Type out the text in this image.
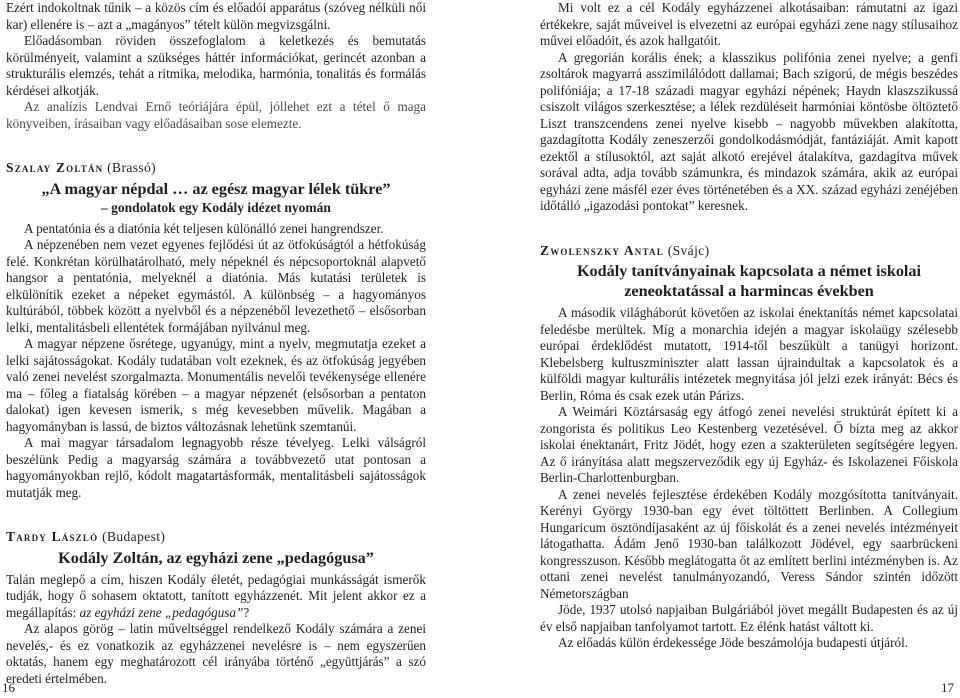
Ezért indokoltnak tűnik – a közös cím és előadói apparátus (szóveg nélküli női kar) ellenére is – azt a „magányos” tételt külön megvizsgálni.

Előadásomban röviden összefoglalom a keletkezés és bemutatás körülményeit, valamint a szükséges háttér információkat, gerincét azonban a strukturális elemzés, tehát a ritmika, melodika, harmónia, tonalitás és formálás kérdései alkotják.

Az analízis Lendvai Ernő teóriájára épül, jóllehet ezt a tétel ő maga könyveiben, írásaiban vagy előadásaiban sose elemezte.

Szalay Zoltán (Brassó)
„A magyar népdal … az egész magyar lélek tükre”
– gondolatok egy Kodály idézet nyomán

A pentatónia és a diatónia két teljesen különálló zenei hangrendszer.

A népzenében nem vezet egyenes fejlődési út az ötfokúságtól a hétfokúság felé. Konkrétan körülhatárolható, mely népeknél és népcsoportoknál alapvető hangsor a pentatónia, melyeknél a diatónia. Más kutatási területek is elkülönítik ezeket a népeket egymástól. A különbség – a hagyományos kultúrából, többek között a nyelvből és a népzenéből levezethető – elsősorban lelki, mentalitásbeli ellentétek formájában nyilvánul meg.

A magyar népzene ősrétege, ugyanúgy, mint a nyelv, megmutatja ezeket a lelki sajátosságokat. Kodály tudatában volt ezeknek, és az ötfokúság jegyében való zenei nevelést szorgalmazta. Monumentális nevelői tevékenysége ellenére ma – főleg a fiatalság körében – a magyar népzenét (elsősorban a pentaton dalokat) igen kevesen ismerik, s még kevesebben művelik. Magában a hagyományban is lassú, de biztos változásnak lehetünk szemtanúi.

A mai magyar társadalom legnagyobb része tévelyeg. Lelki válságról beszélünk Pedig a magyarság számára a továbbvezető utat pontosan a hagyományokban rejlő, kódolt magatartásformák, mentalitásbeli sajátosságok mutatják meg.

Tardy László (Budapest)
Kodály Zoltán, az egyházi zene „pedagógusa”

Talán meglepő a cím, hiszen Kodály életét, pedagógiai munkásságát ismerők tudják, hogy ő sohasem oktatott, tanított egyházzenét. Mit jelent akkor ez a megállapítás: az egyházi zene „pedagógusa”?

Az alapos görög – latin műveltséggel rendelkező Kodály számára a zenei nevelés,- és ez vonatkozik az egyházzenei nevelésre is – nem egyszerűen oktatás, hanem egy meghatározott cél irányába történő „együttjárás” a szó eredeti értelmében.

Mi volt ez a cél Kodály egyházzenei alkotásaiban: rámutatni az igazi értékekre, saját műveivel is elvezetni az európai egyházi zene nagy stílusaihoz művei előadóit, és azok hallgatóit.

A gregorián korális ének; a klasszikus polifónia zenei nyelve; a genfi zsoltárok magyarrá asszimilálódott dallamai; Bach szigorú, de mégis beszédes polifóniája; a 17-18 századi magyar egyházi népének; Haydn klaszszikussá csiszolt világos szerkesztése; a lélek rezdüléseit harmóniai köntösbe öltöztető Liszt transzcendens zenei nyelve kisebb – nagyobb művekben alakította, gazdagította Kodály zeneszerzői gondolkodásmódját, fantáziáját. Amit kapott ezektől a stílusoktól, azt saját alkotó erejével átalakítva, gazdagítva művek sorával adta, adja tovább számunkra, és mindazok számára, akik az európai egyházi zene másfél ezer éves történetében és a XX. század egyházi zenéjében időtálló „igazodási pontokat” keresnek.

Zwolenszky Antal (Svájc)
Kodály tanítványainak kapcsolata a német iskolai zeneoktatással a harmincas években

A második világháborút követően az iskolai énektanítás német kapcsolatai feledésbe merültek. Míg a monarchia idején a magyar iskolaügy szélesebb európai érdeklődést mutatott, 1914-től beszűkült a tanügyi horizont. Klebelsberg kultuszminiszter alatt lassan újraindultak a kapcsolatok és a külföldi magyar kulturális intézetek megnyitása jól jelzi ezek irányát: Bécs és Berlin, Róma és csak ezek után Párizs.

A Weimári Köztársaság egy átfogó zenei nevelési struktúrát épített ki a zongorista és politikus Leo Kestenberg vezetésével. Ő bízta meg az akkor iskolai énektanárt, Fritz Jödét, hogy ezen a szakterületen segítségére legyen. Az ő irányítása alatt megszerveződik egy új Egyház- és Iskolazenei Főiskola Berlin-Charlottenburgban.

A zenei nevelés fejlesztése érdekében Kodály mozgósította tanítványait. Kerényi György 1930-ban egy évet töltöttett Berlinben. A Collegium Hungaricum ösztöndíjasaként az új főiskolát és a zenei nevelés intézményeit látogathatta. Ádám Jenő 1930-ban találkozott Jödével, egy saarbrückeni kongresszuson. Később meglátogatta őt az említett berlini intézményben is. Az ottani zenei nevelést tanulmányozandó, Veress Sándor szintén időzött Németországban

Jöde, 1937 utolsó napjaiban Bulgáriából jövet megállt Budapesten és az új év első napjaiban tanfolyamot tartott. Ez élénk hatást váltott ki.

Az előadás külön érdekessége Jöde beszámolója budapesti útjáról.

16	17
